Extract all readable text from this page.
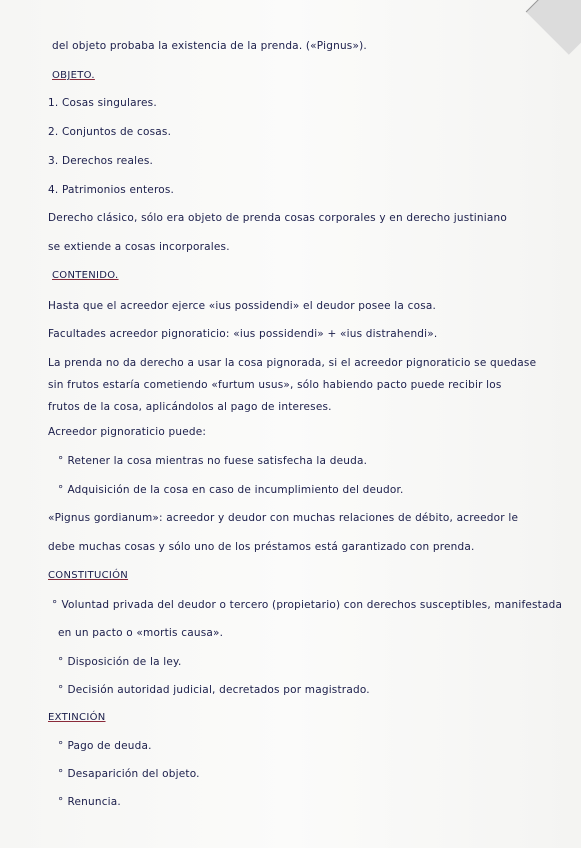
del objeto probaba la existencia de la prenda. («Pignus»).
OBJETO.
1. Cosas singulares.
2. Conjuntos de cosas.
3. Derechos reales.
4. Patrimonios enteros.
Derecho clásico, sólo era objeto de prenda cosas corporales y en derecho justiniano
se extiende a cosas incorporales.
CONTENIDO.
Hasta que el acreedor ejerce «ius possidendi» el deudor posee la cosa.
Facultades acreedor pignoraticio: «ius possidendi» + «ius distrahendi».
La prenda no da derecho a usar la cosa pignorada, si el acreedor pignoraticio se quedase
sin frutos estaría cometiendo «furtum usus», sólo habiendo pacto puede recibir los
frutos de la cosa, aplicándolos al pago de intereses.
Acreedor pignoraticio puede:
° Retener la cosa mientras no fuese satisfecha la deuda.
° Adquisición de la cosa en caso de incumplimiento del deudor.
«Pignus gordianum»: acreedor y deudor con muchas relaciones de débito, acreedor le
debe muchas cosas y sólo uno de los préstamos está garantizado con prenda.
CONSTITUCIÓN
° Voluntad privada del deudor o tercero (propietario) con derechos susceptibles, manifestada
en un pacto o «mortis causa».
° Disposición de la ley.
° Decisión autoridad judicial, decretados por magistrado.
EXTINCIÓN
° Pago de deuda.
° Desaparición del objeto.
° Renuncia.
